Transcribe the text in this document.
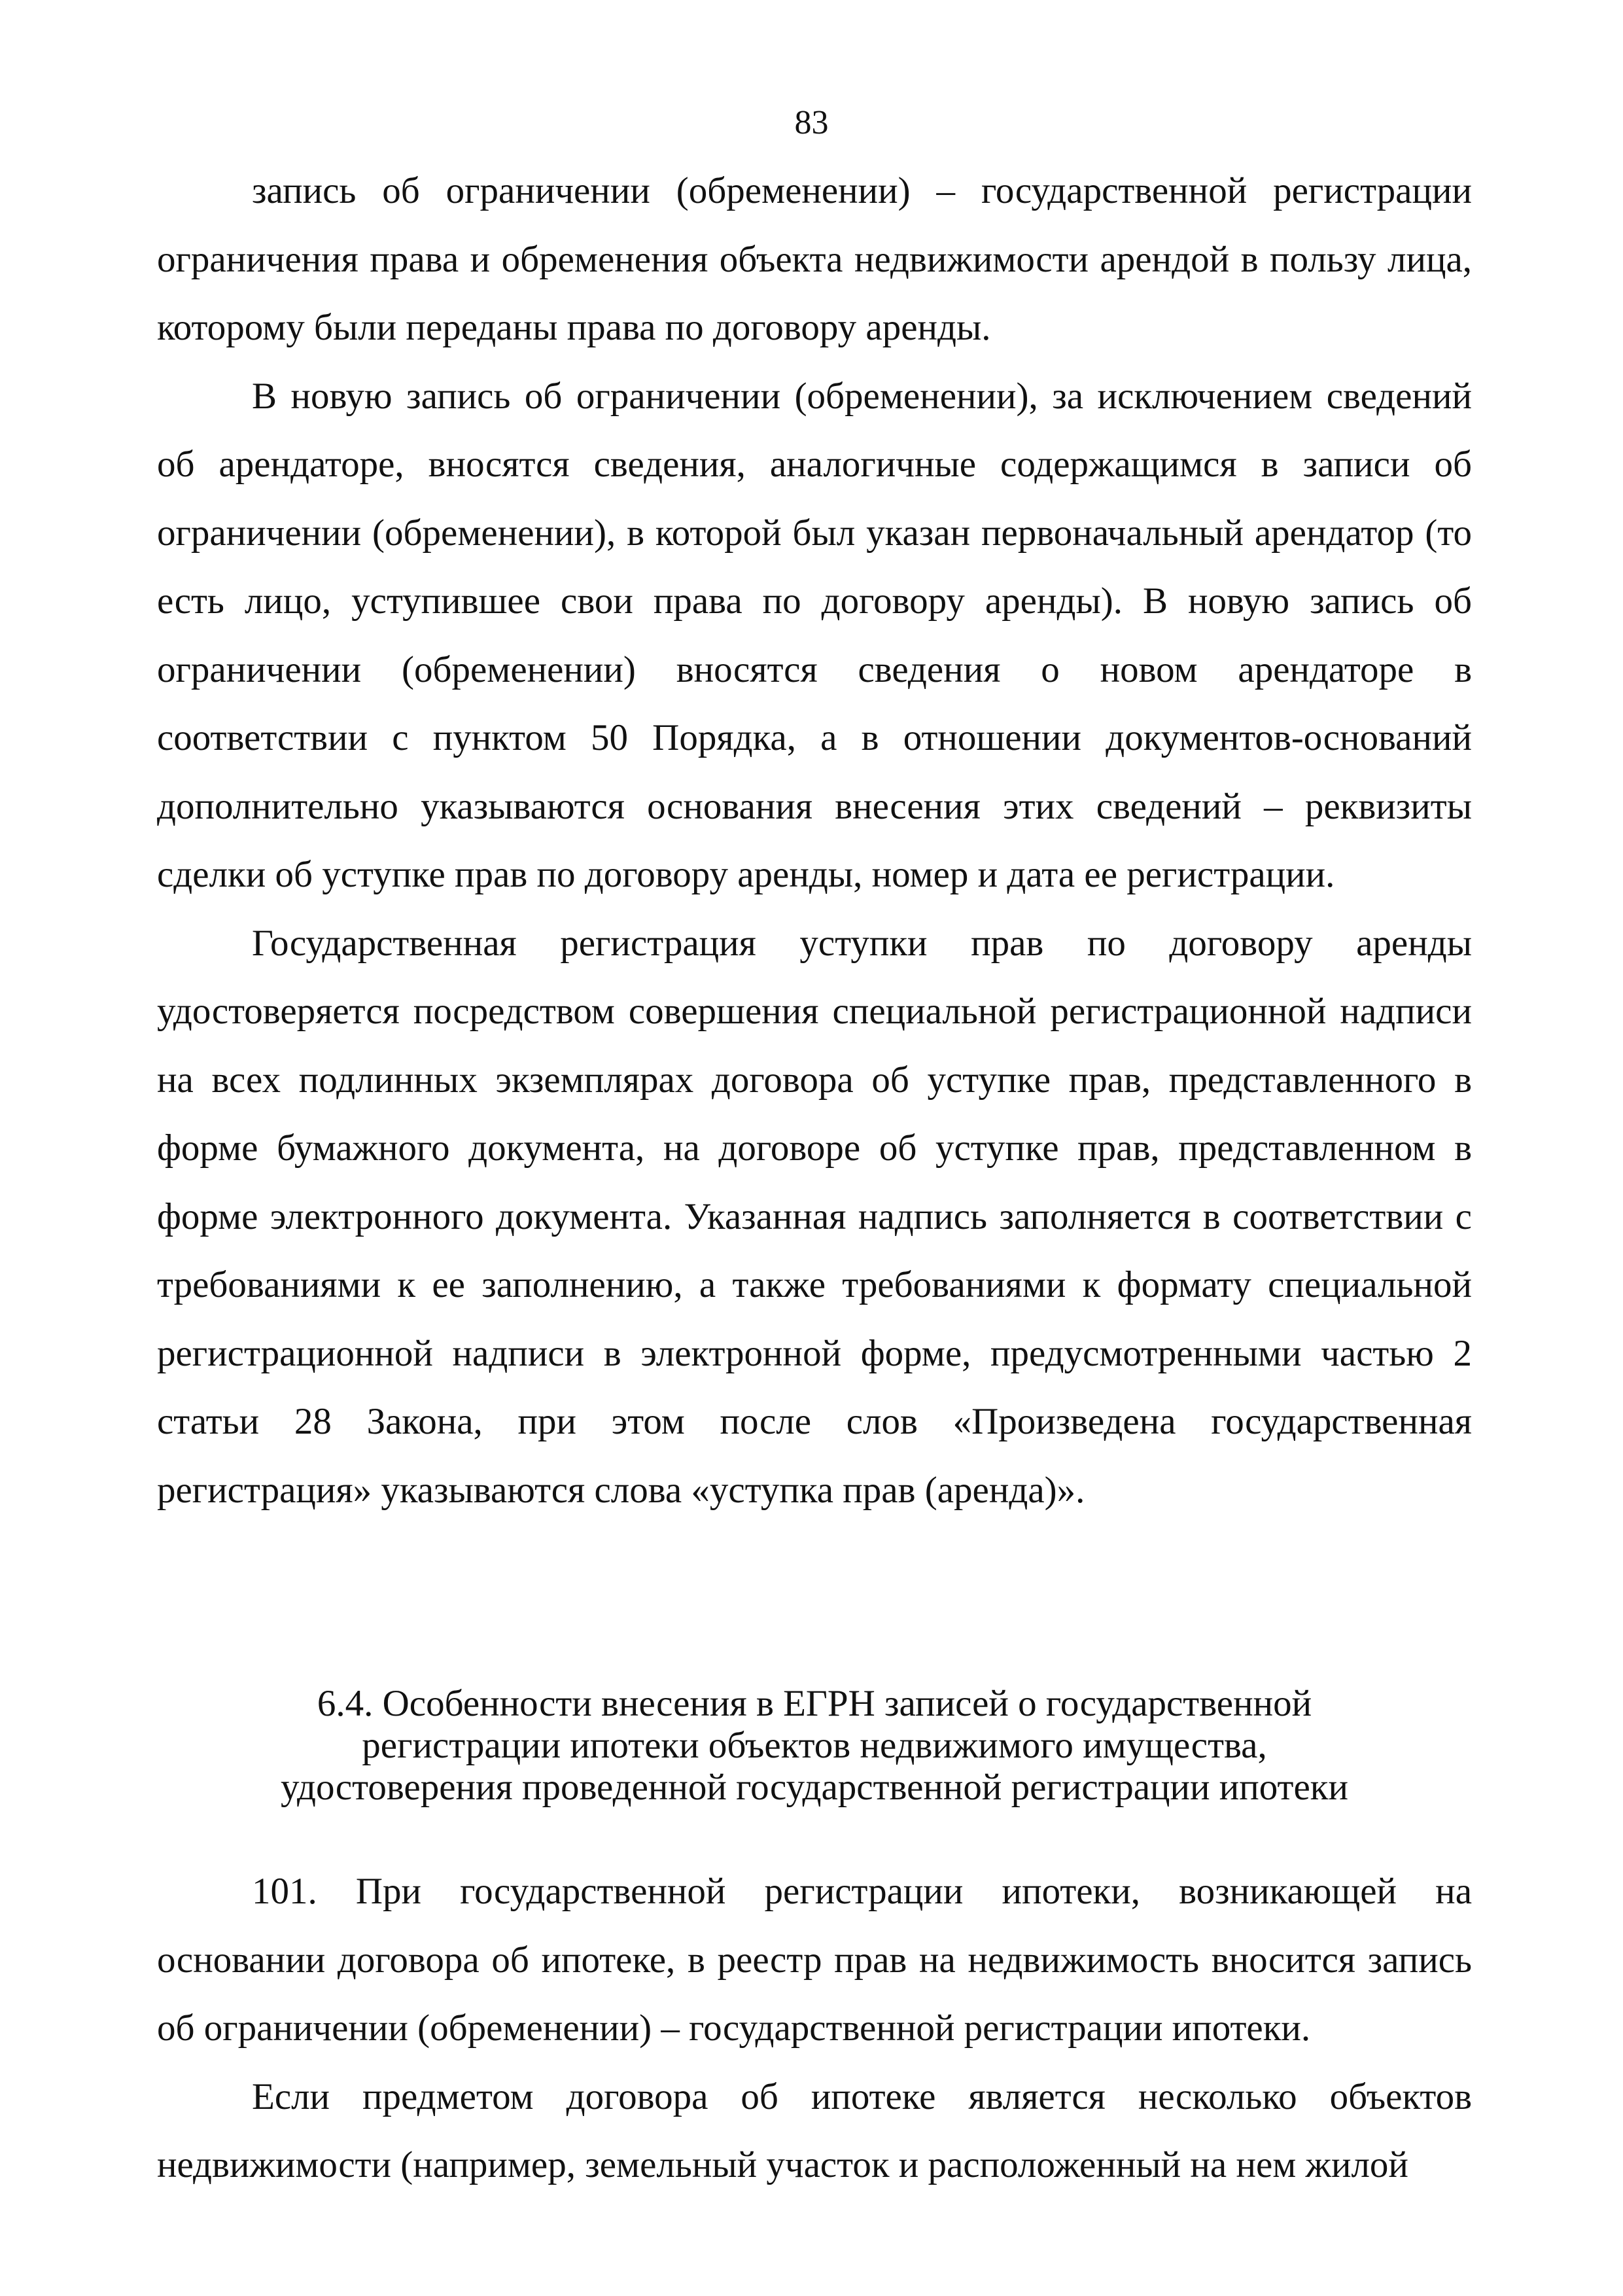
83

запись об ограничении (обременении) – государственной регистрации ограничения права и обременения объекта недвижимости арендой в пользу лица, которому были переданы права по договору аренды.

В новую запись об ограничении (обременении), за исключением сведений об арендаторе, вносятся сведения, аналогичные содержащимся в записи об ограничении (обременении), в которой был указан первоначальный арендатор (то есть лицо, уступившее свои права по договору аренды). В новую запись об ограничении (обременении) вносятся сведения о новом арендаторе в соответствии с пунктом 50 Порядка, а в отношении документов-оснований дополнительно указываются основания внесения этих сведений – реквизиты сделки об уступке прав по договору аренды, номер и дата ее регистрации.

Государственная регистрация уступки прав по договору аренды удостоверяется посредством совершения специальной регистрационной надписи на всех подлинных экземплярах договора об уступке прав, представленного в форме бумажного документа, на договоре об уступке прав, представленном в форме электронного документа. Указанная надпись заполняется в соответствии с требованиями к ее заполнению, а также требованиями к формату специальной регистрационной надписи в электронной форме, предусмотренными частью 2 статьи 28 Закона, при этом после слов «Произведена государственная регистрация» указываются слова «уступка прав (аренда)».

6.4. Особенности внесения в ЕГРН записей о государственной
регистрации ипотеки объектов недвижимого имущества,
удостоверения проведенной государственной регистрации ипотеки

101. При государственной регистрации ипотеки, возникающей на основании договора об ипотеке, в реестр прав на недвижимость вносится запись об ограничении (обременении) – государственной регистрации ипотеки.

Если предметом договора об ипотеке является несколько объектов недвижимости (например, земельный участок и расположенный на нем жилой
